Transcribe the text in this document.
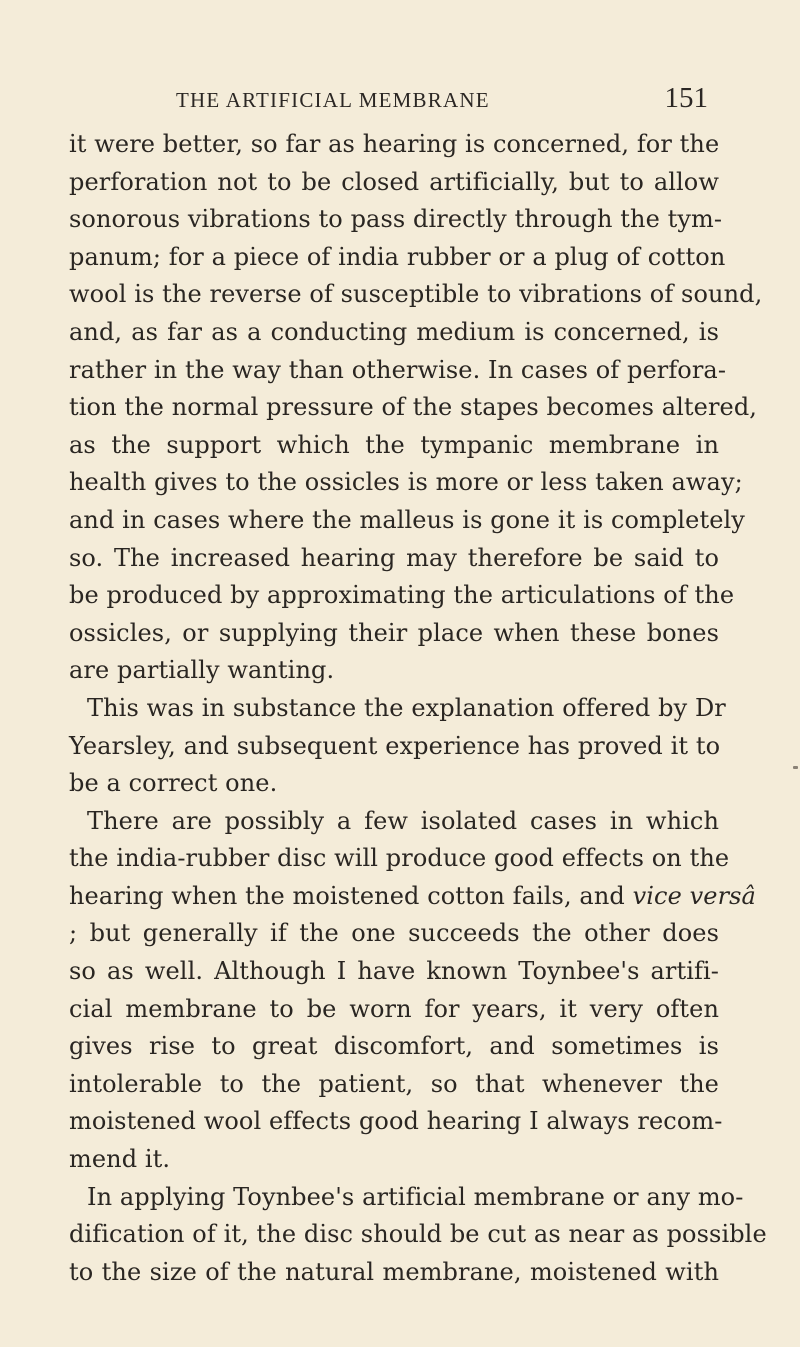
THE ARTIFICIAL MEMBRANE	151
it were better, so far as hearing is concerned, for the
perforation not to be closed artificially, but to allow
sonorous vibrations to pass directly through the tym-
panum; for a piece of india rubber or a plug of cotton
wool is the reverse of susceptible to vibrations of sound,
and, as far as a conducting medium is concerned, is
rather in the way than otherwise. In cases of perfora-
tion the normal pressure of the stapes becomes altered,
as the support which the tympanic membrane in
health gives to the ossicles is more or less taken away;
and in cases where the malleus is gone it is completely
so. The increased hearing may therefore be said to
be produced by approximating the articulations of the
ossicles, or supplying their place when these bones
are partially wanting.
This was in substance the explanation offered by Dr
Yearsley, and subsequent experience has proved it to
be a correct one.
There are possibly a few isolated cases in which
the india-rubber disc will produce good effects on the
hearing when the moistened cotton fails, and vice versâ
; but generally if the one succeeds the other does
so as well. Although I have known Toynbee's artifi-
cial membrane to be worn for years, it very often
gives rise to great discomfort, and sometimes is
intolerable to the patient, so that whenever the
moistened wool effects good hearing I always recom-
mend it.
In applying Toynbee's artificial membrane or any mo-
dification of it, the disc should be cut as near as possible
to the size of the natural membrane, moistened with
